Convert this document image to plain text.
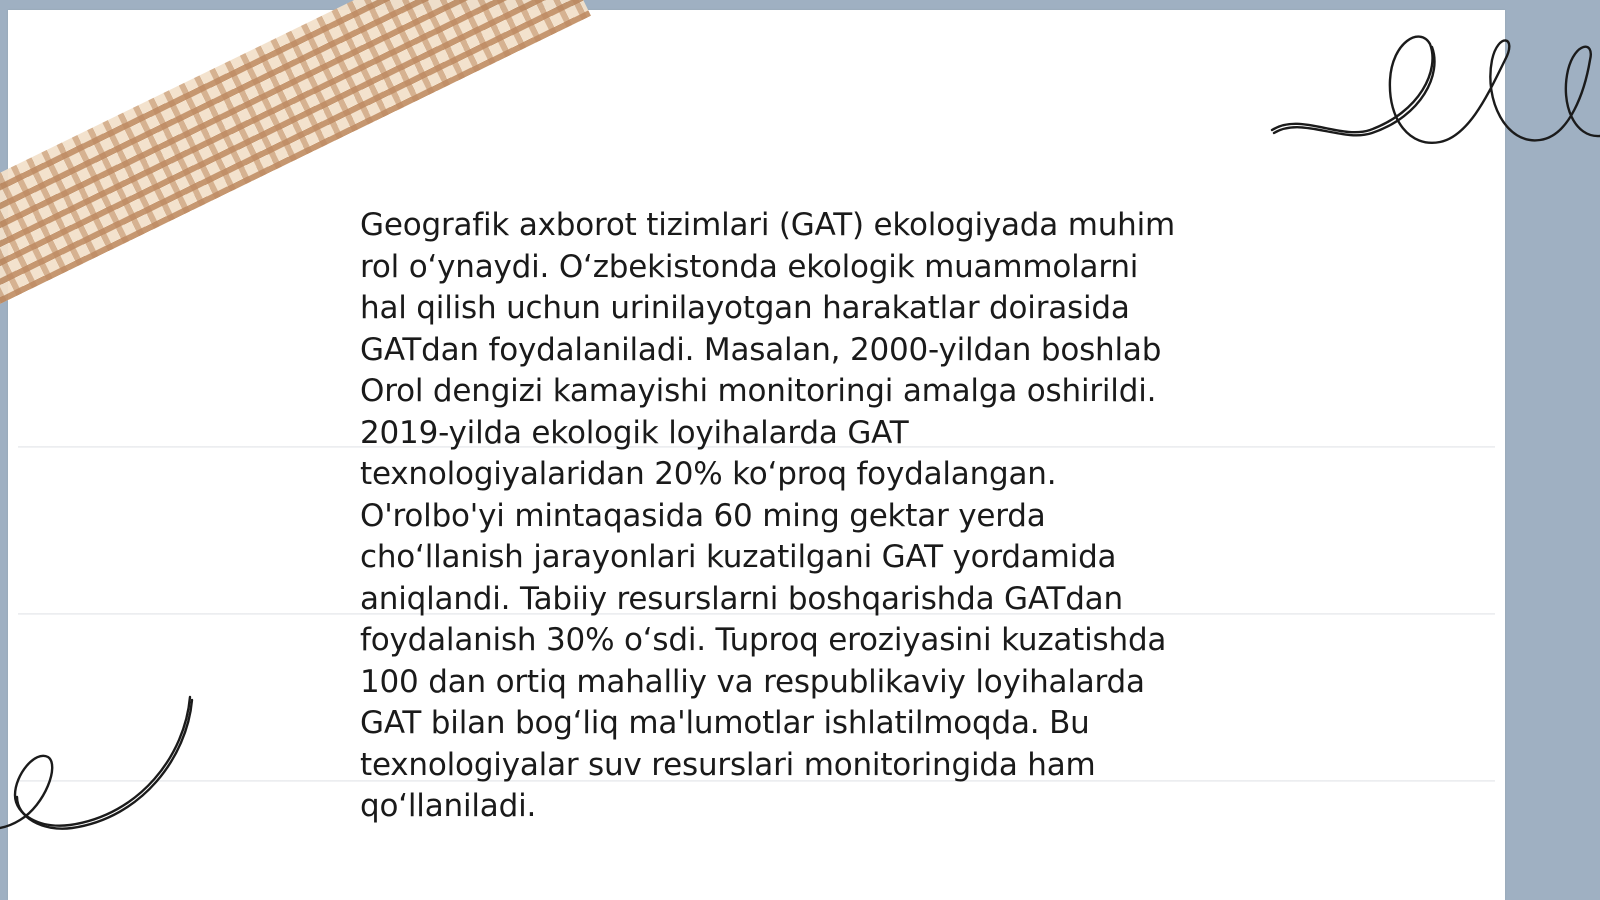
Geografik axborot tizimlari (GAT) ekologiyada muhim
rol o‘ynaydi. O‘zbekistonda ekologik muammolarni
hal qilish uchun urinilayotgan harakatlar doirasida
GATdan foydalaniladi. Masalan, 2000-yildan boshlab
Orol dengizi kamayishi monitoringi amalga oshirildi.
2019-yilda ekologik loyihalarda GAT
texnologiyalaridan 20% ko‘proq foydalangan.
O'rolbo'yi mintaqasida 60 ming gektar yerda
cho‘llanish jarayonlari kuzatilgani GAT yordamida
aniqlandi. Tabiiy resurslarni boshqarishda GATdan
foydalanish 30% o‘sdi. Tuproq eroziyasini kuzatishda
100 dan ortiq mahalliy va respublikaviy loyihalarda
GAT bilan bog‘liq ma'lumotlar ishlatilmoqda. Bu
texnologiyalar suv resurslari monitoringida ham
qo‘llaniladi.
